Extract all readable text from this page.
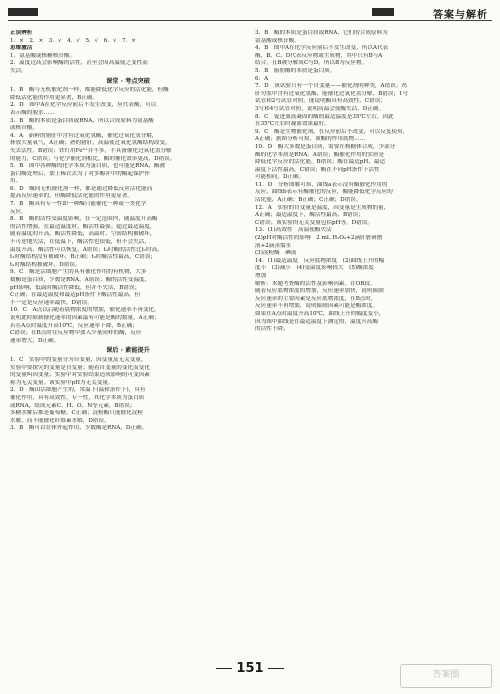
答案与解析
正误辨析
1．×　2．×　3．√　4．√　5．√　6．√　7．×
思维激活
1．氨基酸或核糖核苷酸。
2．温度过高会影响酶的活性，甚至会因高温使之变性而
失活。
课堂 · 考点突破
1．B　酶与无机催化剂一样，都能降低化学反应的活化能，但酶
降低活化能的作用更显著，B正确。
2．D　图中A在化学反应前后不发生改变，应代表酶，可以
表示酶的脱水……
3．B　酶的本质是蛋白质或RNA，所以合成原料为氨基酸
或核苷酸。
4．A　新鲜的猪肝中含有过氧化氢酶，催化过氧化氢分解，
释放大量氧气，A正确；熟的猪肝，高温使过氧化氢酶结构改变，
失去活性，B错误；铁钉用Fe³⁺并不多，不具备催化过氧化氢分解
的能力，C错误；与化学催化剂相比，酶的催化效率更高，D错误。
5．B　图中各种酶的化学本质为蛋白质，也可能是RNA，酶被
蛋白酶处理后，加上稀衣去为了对多酶并中的酶起保护作
用。
6．D　酶同无机催化剂一样，都是通过降低反应活化能而
提高反应速率的，但酶降低活化能的作用更显著。
7．B　酶具有专一性即一种酶只能催化一种或一类化学
反应。
8．B　酶的活性受温度影响，在一定范围内，随温度升高酶
的活性增强，在最适温度时，酶活性最强；超过最适温度，
随着温度的升高，酶活性降低，高温时，空间结构被破坏，
不可逆地失活，在低温下，酶活性也很低，但不会失活，
温度升高，酶活性可以恢复，A错误；t₂时酶的活性比t₁时高，
t₁时酶结构没有被破坏，B正确；t₂时酶活性最高，C错误；
t₂时酶结构被破坏，D错误。
9．C　酶是活细胞产生的具有催化作用的有机物，大多
数酶是蛋白质，少数是RNA，A错误；酶的活性受温度、
pH影响，低温时酶活性降低，但并不失活，B错误；
C正确；在最适温度和最适pH条件下酶活性最高，但
不一定是反应速率最快，D错误。
10．C　A点以后随着底物浓度的增加，催化速率不再变化，
说明此时限制催化速率的因素最有可能是酶的数量，A正确；
若在A点时温度升高10℃，反应速率下降，B正确；
C错误；在B点时往反应物中加入少量同样的酶，反应
速率增大，D正确。
课后 · 素能提升
1．C　实验中的变量分为自变量、因变量及无关变量。
实验中要探究的变量是自变量；随着自变量的变化而变化
的变量叫因变量；实验中对实验结果造成影响的可变因素
称为无关变量。该实验中pH为无关变量。
2．D　酶由活细胞产生的，常温下(温和条件下)，具有
催化作用，具有高效性、专一性，其化学本质为蛋白质
或RNA，组成元素C、H、O、N等元素。B错误；
多糖水解后都是葡萄糖，C正确；淀粉酶只能催化淀粉
水解，而不能催化纤维素水解，D错误。
3．B　酶可以在体外起作用，少数酶是RNA，D正确。
3．B　酶的本质是蛋白质或RNA，它们的合成原料为
氨基酸或核苷酸。
4．B　图中A在化学反应前后不发生改变，所以A代表
酶，B、C、D代表反应物或生成物，其中只有B与A
结合，且B被分解成C与D，所以B为反应物。
5．B　脂肪酶的本质是蛋白质。
6．A
7．D　该试验只有一个自变量——催化剂的种类，A错误；鸡
肝匀浆中含有过氧化氢酶，能催化过氧化氢分解，B错误；1号
试管和2号试管对照，能说明酶具有高效性，C错误；
3号和4号试管对照，说明高温会使酶失活，D正确。
8．C　促进血液凝固的酶的最适温度是35℃左右，因此
在35℃左右时凝血效果最好。
9．C　酶是生物催化剂，在反应前后不改变，可以反复使用，
A正确；据图分析可知，该酶的作用底物……
10．D　酶大多数是蛋白质，需要在核糖体合成，少部分
酶的化学本质是RNA，A错误；酶催化作用的实质是
降低化学反应的活化能，B错误；酶在最适pH、最适
温度下活性最高，C错误；酶在不同pH条件下活性
可能相同，D正确。
11．D　分析图解可知，曲线a表示没有酶催化作用的
反应，曲线b表示有酶催化的反应，酶能降低化学反应的
活化能，A正确；B正确；C正确；D错误。
12．A　实验的自变量是温度，因变量是生成物的量，
A正确；最适温度下，酶活性最高，B错误；
C错误；该实验的无关变量包括pH等，D错误。
13．(1)高效性　高温使酶失活
(2)pH对酶活性的影响　2 mL H₂O₂+2滴肝脏研磨
液+2滴蒸馏水
(3)淀粉酶　碘液
14．(1)最适温度　反应底物浓度　(2)曲线上升的幅
度小　(3)减小　(4)受温度影响较大　(5)酶浓度
增加
解析：本题考查酶的活性及影响因素。在OB段，
随着反应底物浓度的增加，反应速率加快，说明限制
反应速率的主要因素是反应底物浓度，在B点时，
反应速率不再增加，说明限制因素可能是酶浓度。
如果在A点时温度升高10℃，曲线上升的幅度变小，
因为图中曲线是在最适温度下测定的，温度升高酶
的活性下降。
151	答案圈
